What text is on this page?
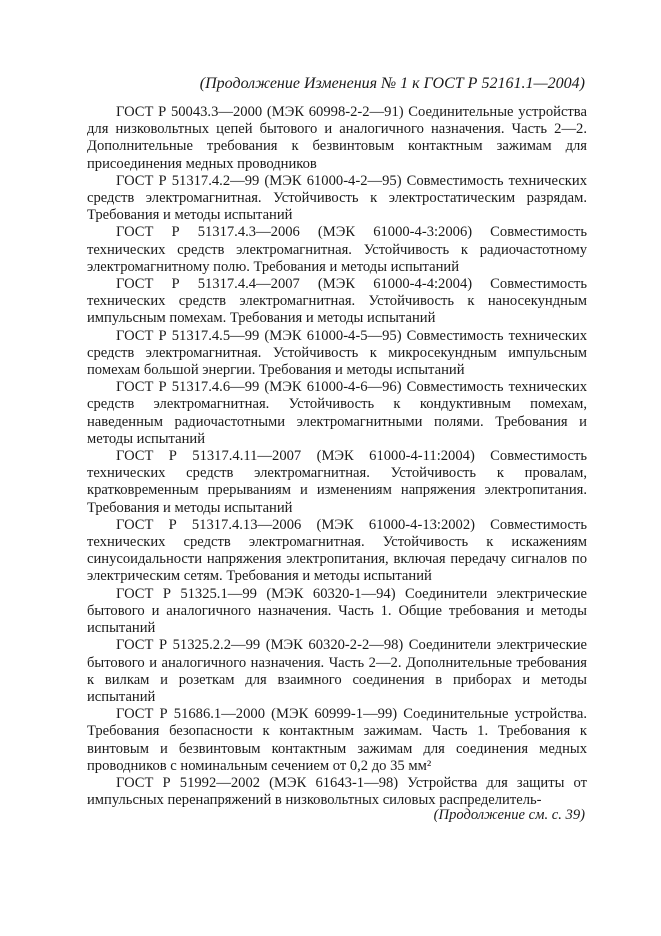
(Продолжение Изменения № 1 к ГОСТ Р 52161.1—2004)

ГОСТ Р 50043.3—2000 (МЭК 60998-2-2—91) Соединительные устройства для низковольтных цепей бытового и аналогичного назначения. Часть 2—2. Дополнительные требования к безвинтовым контактным зажимам для присоединения медных проводников

ГОСТ Р 51317.4.2—99 (МЭК 61000-4-2—95) Совместимость технических средств электромагнитная. Устойчивость к электростатическим разрядам. Требования и методы испытаний

ГОСТ Р 51317.4.3—2006 (МЭК 61000-4-3:2006) Совместимость технических средств электромагнитная. Устойчивость к радиочастотному электромагнитному полю. Требования и методы испытаний

ГОСТ Р 51317.4.4—2007 (МЭК 61000-4-4:2004) Совместимость технических средств электромагнитная. Устойчивость к наносекундным импульсным помехам. Требования и методы испытаний

ГОСТ Р 51317.4.5—99 (МЭК 61000-4-5—95) Совместимость технических средств электромагнитная. Устойчивость к микросекундным импульсным помехам большой энергии. Требования и методы испытаний

ГОСТ Р 51317.4.6—99 (МЭК 61000-4-6—96) Совместимость технических средств электромагнитная. Устойчивость к кондуктивным помехам, наведенным радиочастотными электромагнитными полями. Требования и методы испытаний

ГОСТ Р 51317.4.11—2007 (МЭК 61000-4-11:2004) Совместимость технических средств электромагнитная. Устойчивость к провалам, кратковременным прерываниям и изменениям напряжения электропитания. Требования и методы испытаний

ГОСТ Р 51317.4.13—2006 (МЭК 61000-4-13:2002) Совместимость технических средств электромагнитная. Устойчивость к искажениям синусоидальности напряжения электропитания, включая передачу сигналов по электрическим сетям. Требования и методы испытаний

ГОСТ Р 51325.1—99 (МЭК 60320-1—94) Соединители электрические бытового и аналогичного назначения. Часть 1. Общие требования и методы испытаний

ГОСТ Р 51325.2.2—99 (МЭК 60320-2-2—98) Соединители электрические бытового и аналогичного назначения. Часть 2—2. Дополнительные требования к вилкам и розеткам для взаимного соединения в приборах и методы испытаний

ГОСТ Р 51686.1—2000 (МЭК 60999-1—99) Соединительные устройства. Требования безопасности к контактным зажимам. Часть 1. Требования к винтовым и безвинтовым контактным зажимам для соединения медных проводников с номинальным сечением от 0,2 до 35 мм²

ГОСТ Р 51992—2002 (МЭК 61643-1—98) Устройства для защиты от импульсных перенапряжений в низковольтных силовых распределитель-

(Продолжение см. с. 39)
